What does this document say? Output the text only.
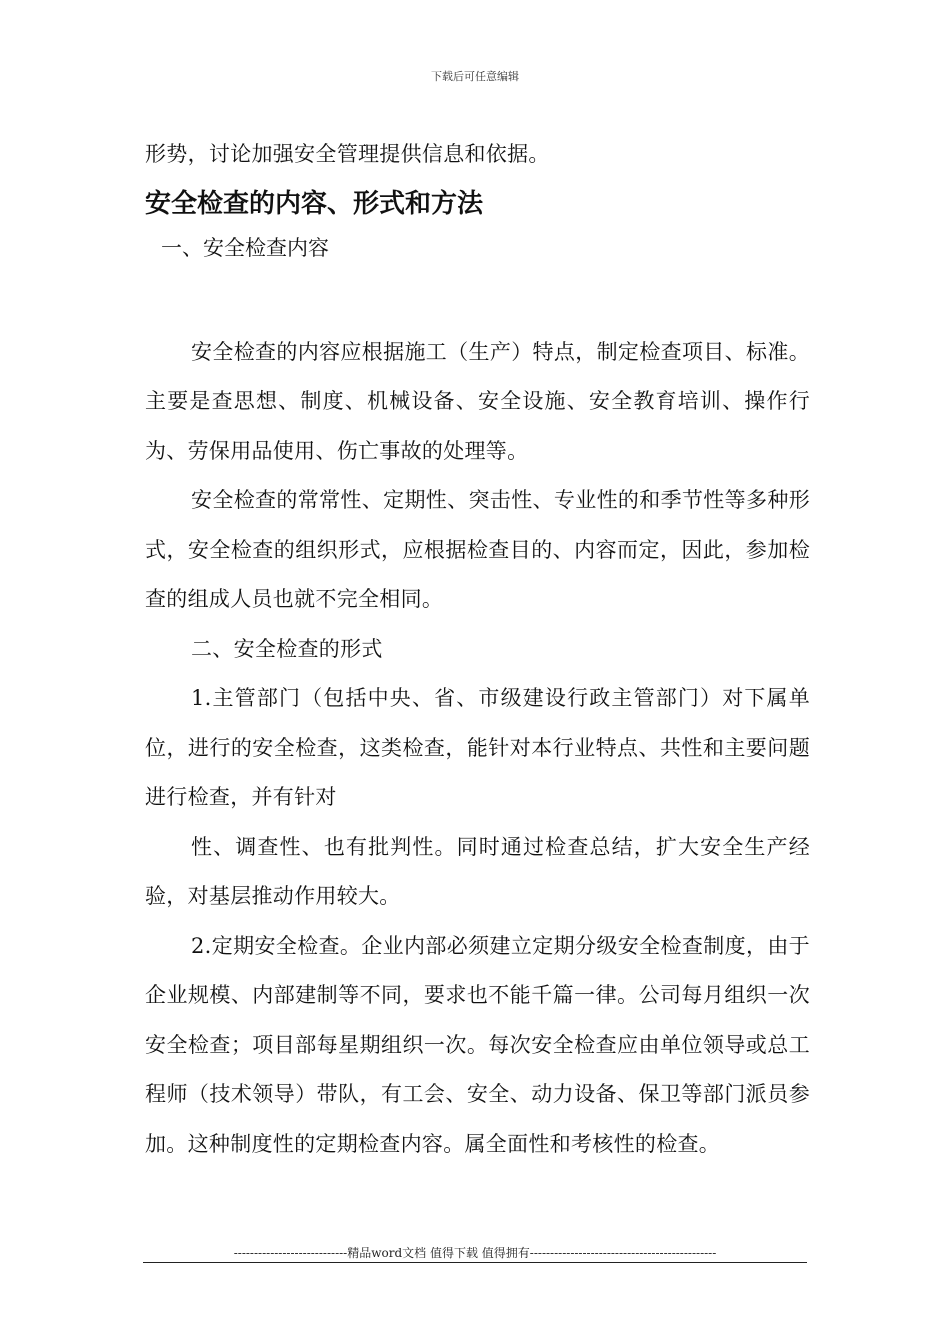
下载后可任意编辑

形势，讨论加强安全管理提供信息和依据。

安全检查的内容、形式和方法

一、安全检查内容

安全检查的内容应根据施工（生产）特点，制定检查项目、标准。主要是查思想、制度、机械设备、安全设施、安全教育培训、操作行为、劳保用品使用、伤亡事故的处理等。

安全检查的常常性、定期性、突击性、专业性的和季节性等多种形式，安全检查的组织形式，应根据检查目的、内容而定，因此，参加检查的组成人员也就不完全相同。

二、安全检查的形式

1.主管部门（包括中央、省、市级建设行政主管部门）对下属单位，进行的安全检查，这类检查，能针对本行业特点、共性和主要问题进行检查，并有针对

性、调查性、也有批判性。同时通过检查总结，扩大安全生产经验，对基层推动作用较大。

2.定期安全检查。企业内部必须建立定期分级安全检查制度，由于企业规模、内部建制等不同，要求也不能千篇一律。公司每月组织一次安全检查；项目部每星期组织一次。每次安全检查应由单位领导或总工程师（技术领导）带队，有工会、安全、动力设备、保卫等部门派员参加。这种制度性的定期检查内容。属全面性和考核性的检查。

----------------------------精品word文档 值得下载 值得拥有----------------------------------------------
